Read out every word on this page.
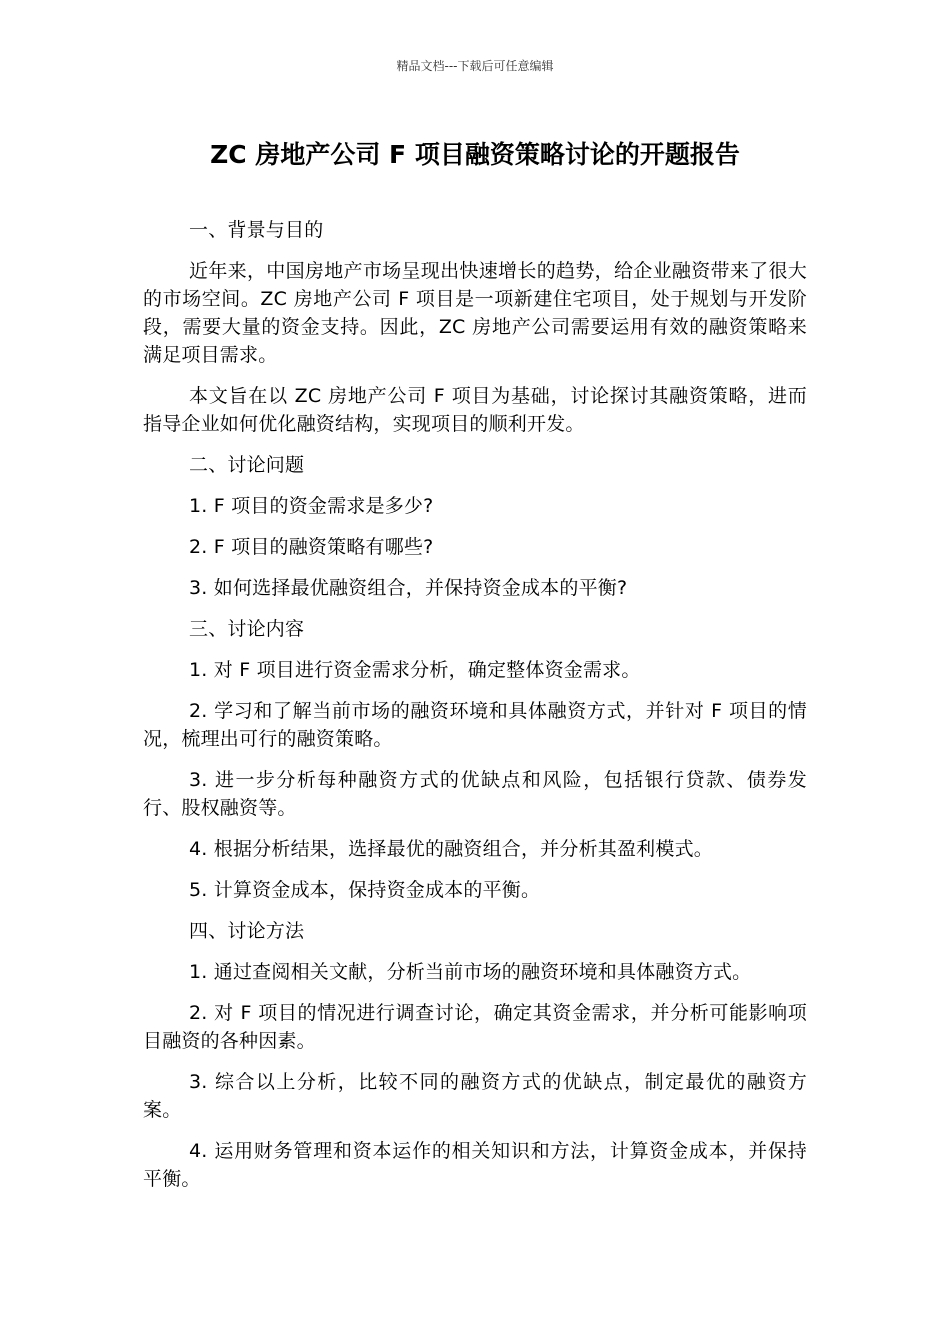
精品文档---下载后可任意编辑
ZC 房地产公司 F 项目融资策略讨论的开题报告

一、背景与目的

近年来，中国房地产市场呈现出快速增长的趋势，给企业融资带来了很大的市场空间。ZC 房地产公司 F 项目是一项新建住宅项目，处于规划与开发阶段，需要大量的资金支持。因此，ZC 房地产公司需要运用有效的融资策略来满足项目需求。

本文旨在以 ZC 房地产公司 F 项目为基础，讨论探讨其融资策略，进而指导企业如何优化融资结构，实现项目的顺利开发。

二、讨论问题

1. F 项目的资金需求是多少?

2. F 项目的融资策略有哪些?

3. 如何选择最优融资组合，并保持资金成本的平衡?

三、讨论内容

1. 对 F 项目进行资金需求分析，确定整体资金需求。

2. 学习和了解当前市场的融资环境和具体融资方式，并针对 F 项目的情况，梳理出可行的融资策略。

3. 进一步分析每种融资方式的优缺点和风险，包括银行贷款、债券发行、股权融资等。

4. 根据分析结果，选择最优的融资组合，并分析其盈利模式。

5. 计算资金成本，保持资金成本的平衡。

四、讨论方法

1. 通过查阅相关文献，分析当前市场的融资环境和具体融资方式。

2. 对 F 项目的情况进行调查讨论，确定其资金需求，并分析可能影响项目融资的各种因素。

3. 综合以上分析，比较不同的融资方式的优缺点，制定最优的融资方案。

4. 运用财务管理和资本运作的相关知识和方法，计算资金成本，并保持平衡。
